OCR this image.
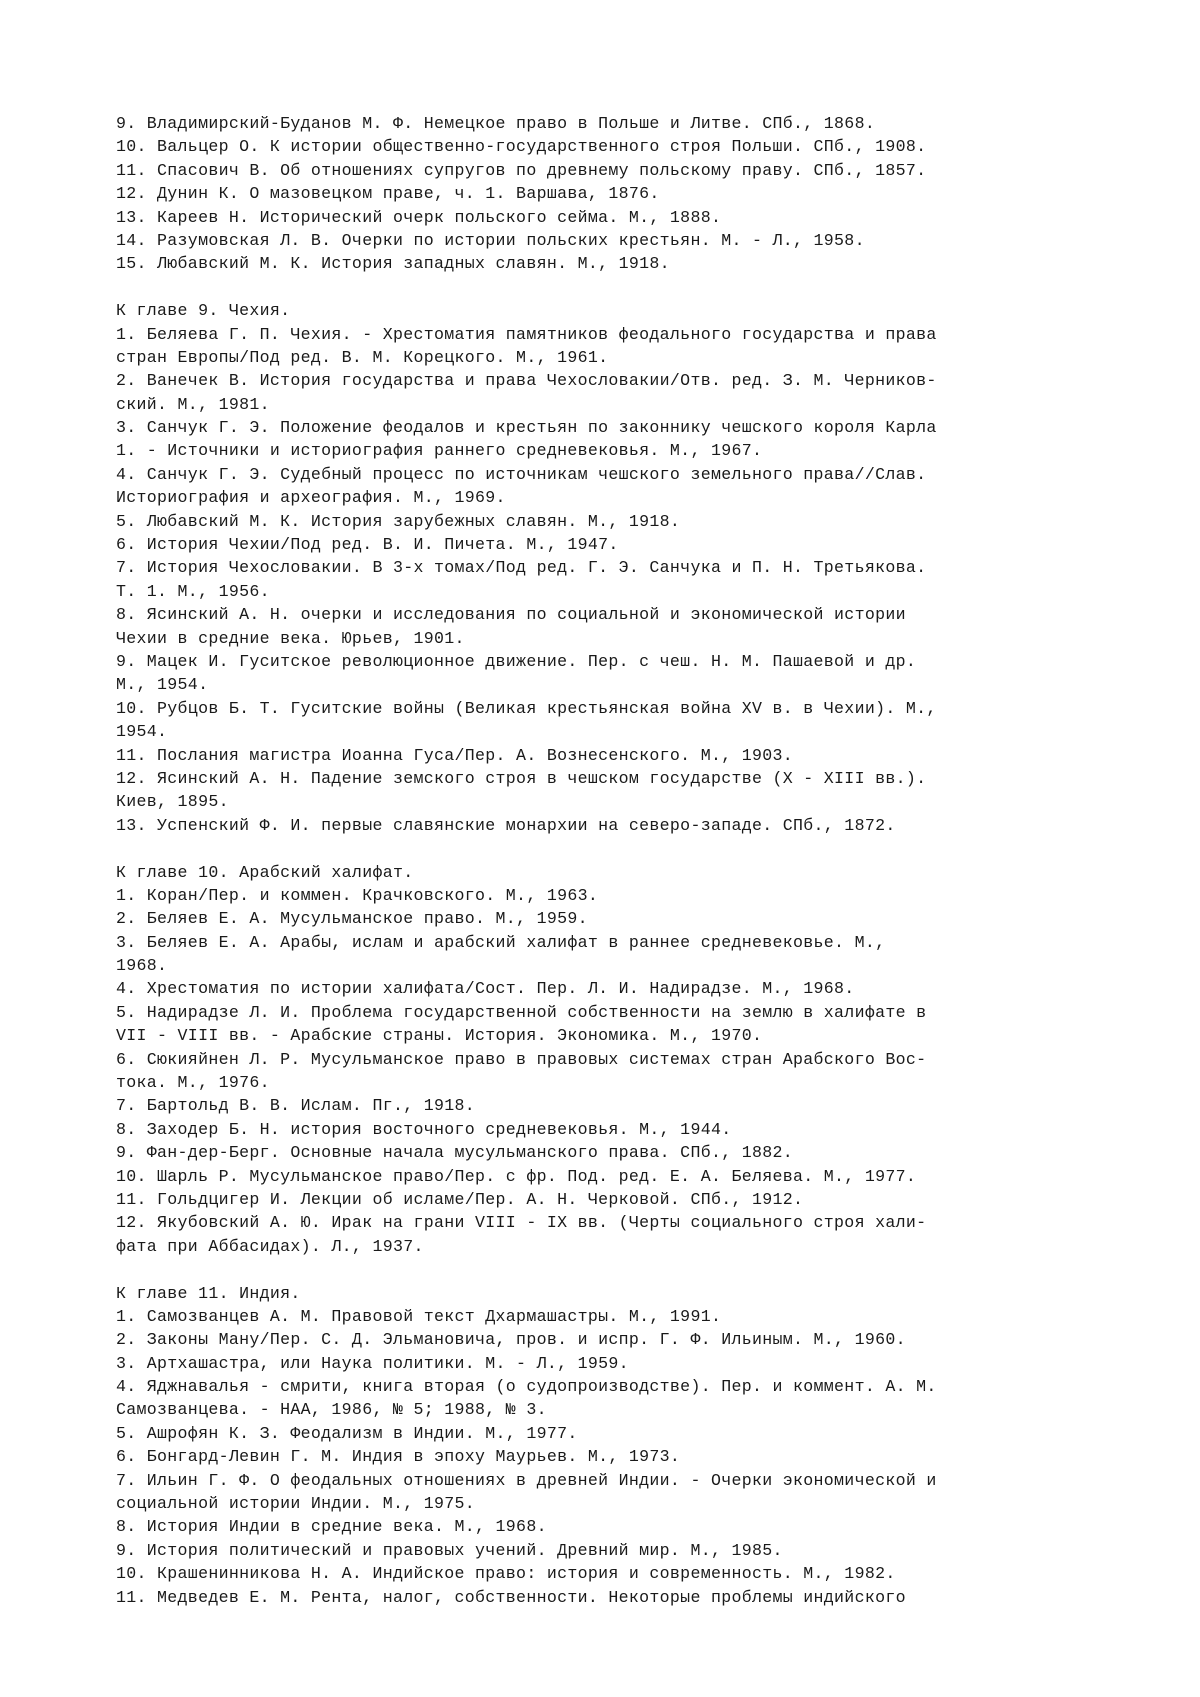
9. Владимирский-Буданов М. Ф. Немецкое право в Польше и Литве. СПб., 1868.
10. Вальцер О. К истории общественно-государственного строя Польши. СПб., 1908.
11. Спасович В. Об отношениях супругов по древнему польскому праву. СПб., 1857.
12. Дунин К. О мазовецком праве, ч. 1. Варшава, 1876.
13. Кареев Н. Исторический очерк польского сейма. М., 1888.
14. Разумовская Л. В. Очерки по истории польских крестьян. М. - Л., 1958.
15. Любавский М. К. История западных славян. М., 1918.
К главе 9. Чехия.
1. Беляева Г. П. Чехия. - Хрестоматия памятников феодального государства и права
стран Европы/Под ред. В. М. Корецкого. М., 1961.
2. Ванечек В. История государства и права Чехословакии/Отв. ред. З. М. Черников-
ский. М., 1981.
3. Санчук Г. Э. Положение феодалов и крестьян по законнику чешского короля Карла
1. - Источники и историография раннего средневековья. М., 1967.
4. Санчук Г. Э. Судебный процесс по источникам чешского земельного права//Слав.
Историография и археография. М., 1969.
5. Любавский М. К. История зарубежных славян. М., 1918.
6. История Чехии/Под ред. В. И. Пичета. М., 1947.
7. История Чехословакии. В 3-х томах/Под ред. Г. Э. Санчука и П. Н. Третьякова.
Т. 1. М., 1956.
8. Ясинский А. Н. очерки и исследования по социальной и экономической истории
Чехии в средние века. Юрьев, 1901.
9. Мацек И. Гуситское революционное движение. Пер. с чеш. Н. М. Пашаевой и др.
М., 1954.
10. Рубцов Б. Т. Гуситские войны (Великая крестьянская война XV в. в Чехии). М.,
1954.
11. Послания магистра Иоанна Гуса/Пер. А. Вознесенского. М., 1903.
12. Ясинский А. Н. Падение земского строя в чешском государстве (X - XIII вв.).
Киев, 1895.
13. Успенский Ф. И. первые славянские монархии на северо-западе. СПб., 1872.
К главе 10. Арабский халифат.
1. Коран/Пер. и коммен. Крачковского. М., 1963.
2. Беляев Е. А. Мусульманское право. М., 1959.
3. Беляев Е. А. Арабы, ислам и арабский халифат в раннее средневековье. М.,
1968.
4. Хрестоматия по истории халифата/Сост. Пер. Л. И. Надирадзе. М., 1968.
5. Надирадзе Л. И. Проблема государственной собственности на землю в халифате в
VII - VIII вв. - Арабские страны. История. Экономика. М., 1970.
6. Сюкияйнен Л. Р. Мусульманское право в правовых системах стран Арабского Вос-
тока. М., 1976.
7. Бартольд В. В. Ислам. Пг., 1918.
8. Заходер Б. Н. история восточного средневековья. М., 1944.
9. Фан-дер-Берг. Основные начала мусульманского права. СПб., 1882.
10. Шарль Р. Мусульманское право/Пер. с фр. Под. ред. Е. А. Беляева. М., 1977.
11. Гольдцигер И. Лекции об исламе/Пер. А. Н. Черковой. СПб., 1912.
12. Якубовский А. Ю. Ирак на грани VIII - IX вв. (Черты социального строя хали-
фата при Аббасидах). Л., 1937.
К главе 11. Индия.
1. Самозванцев А. М. Правовой текст Дхармашастры. М., 1991.
2. Законы Ману/Пер. С. Д. Эльмановича, пров. и испр. Г. Ф. Ильиным. М., 1960.
3. Артхашастра, или Наука политики. М. - Л., 1959.
4. Яджнавалья - смрити, книга вторая (о судопроизводстве). Пер. и коммент. А. М.
Самозванцева. - НАА, 1986, № 5; 1988, № 3.
5. Ашрофян К. З. Феодализм в Индии. М., 1977.
6. Бонгард-Левин Г. М. Индия в эпоху Маурьев. М., 1973.
7. Ильин Г. Ф. О феодальных отношениях в древней Индии. - Очерки экономической и
социальной истории Индии. М., 1975.
8. История Индии в средние века. М., 1968.
9. История политический и правовых учений. Древний мир. М., 1985.
10. Крашенинникова Н. А. Индийское право: история и современность. М., 1982.
11. Медведев Е. М. Рента, налог, собственности. Некоторые проблемы индийского
